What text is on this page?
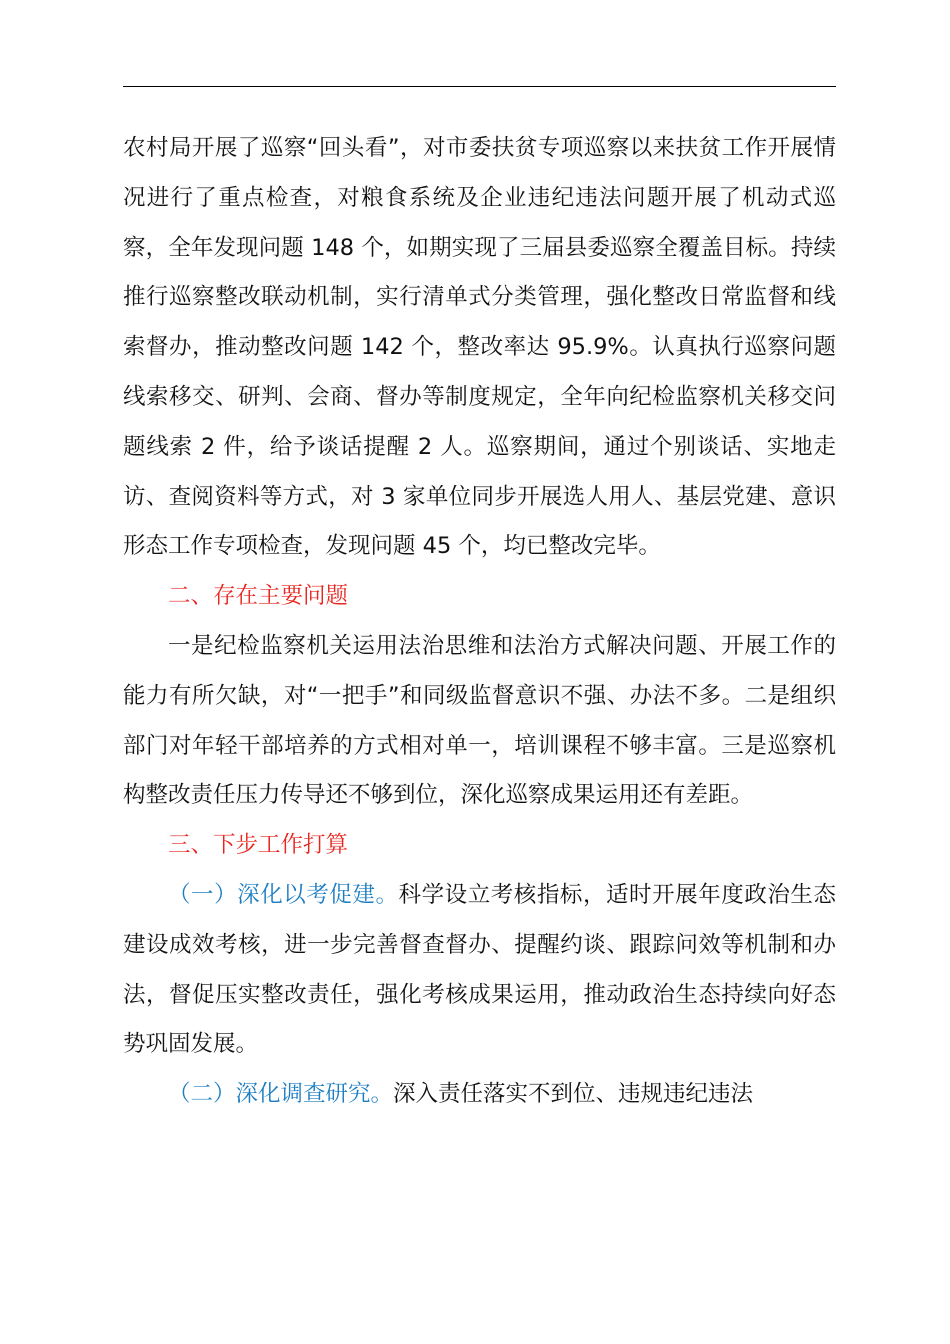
农村局开展了巡察“回头看”，对市委扶贫专项巡察以来扶贫工作开展情况进行了重点检查，对粮食系统及企业违纪违法问题开展了机动式巡察，全年发现问题 148 个，如期实现了三届县委巡察全覆盖目标。持续推行巡察整改联动机制，实行清单式分类管理，强化整改日常监督和线索督办，推动整改问题 142 个，整改率达 95.9%。认真执行巡察问题线索移交、研判、会商、督办等制度规定，全年向纪检监察机关移交问题线索 2 件，给予谈话提醒 2 人。巡察期间，通过个别谈话、实地走访、查阅资料等方式，对 3 家单位同步开展选人用人、基层党建、意识形态工作专项检查，发现问题 45 个，均已整改完毕。

二、存在主要问题

一是纪检监察机关运用法治思维和法治方式解决问题、开展工作的能力有所欠缺，对“一把手”和同级监督意识不强、办法不多。二是组织部门对年轻干部培养的方式相对单一，培训课程不够丰富。三是巡察机构整改责任压力传导还不够到位，深化巡察成果运用还有差距。

三、下步工作打算

（一）深化以考促建。科学设立考核指标，适时开展年度政治生态建设成效考核，进一步完善督查督办、提醒约谈、跟踪问效等机制和办法，督促压实整改责任，强化考核成果运用，推动政治生态持续向好态势巩固发展。

（二）深化调查研究。深入责任落实不到位、违规违纪违法
